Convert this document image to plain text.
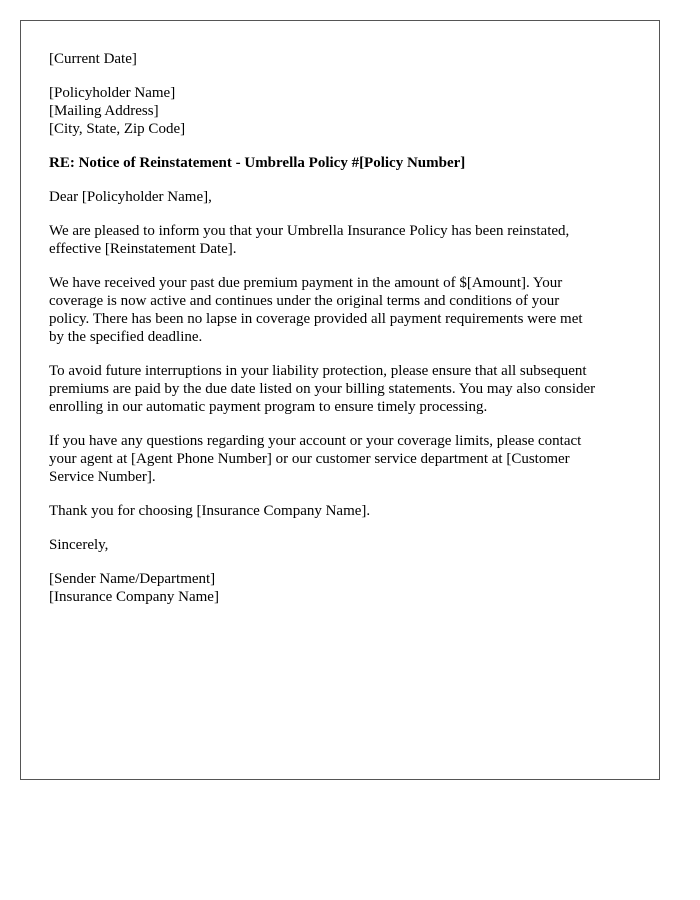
[Current Date]
[Policyholder Name]
[Mailing Address]
[City, State, Zip Code]
RE: Notice of Reinstatement - Umbrella Policy #[Policy Number]
Dear [Policyholder Name],
We are pleased to inform you that your Umbrella Insurance Policy has been reinstated,
effective [Reinstatement Date].
We have received your past due premium payment in the amount of $[Amount]. Your
coverage is now active and continues under the original terms and conditions of your
policy. There has been no lapse in coverage provided all payment requirements were met
by the specified deadline.
To avoid future interruptions in your liability protection, please ensure that all subsequent
premiums are paid by the due date listed on your billing statements. You may also consider
enrolling in our automatic payment program to ensure timely processing.
If you have any questions regarding your account or your coverage limits, please contact
your agent at [Agent Phone Number] or our customer service department at [Customer
Service Number].
Thank you for choosing [Insurance Company Name].
Sincerely,
[Sender Name/Department]
[Insurance Company Name]
